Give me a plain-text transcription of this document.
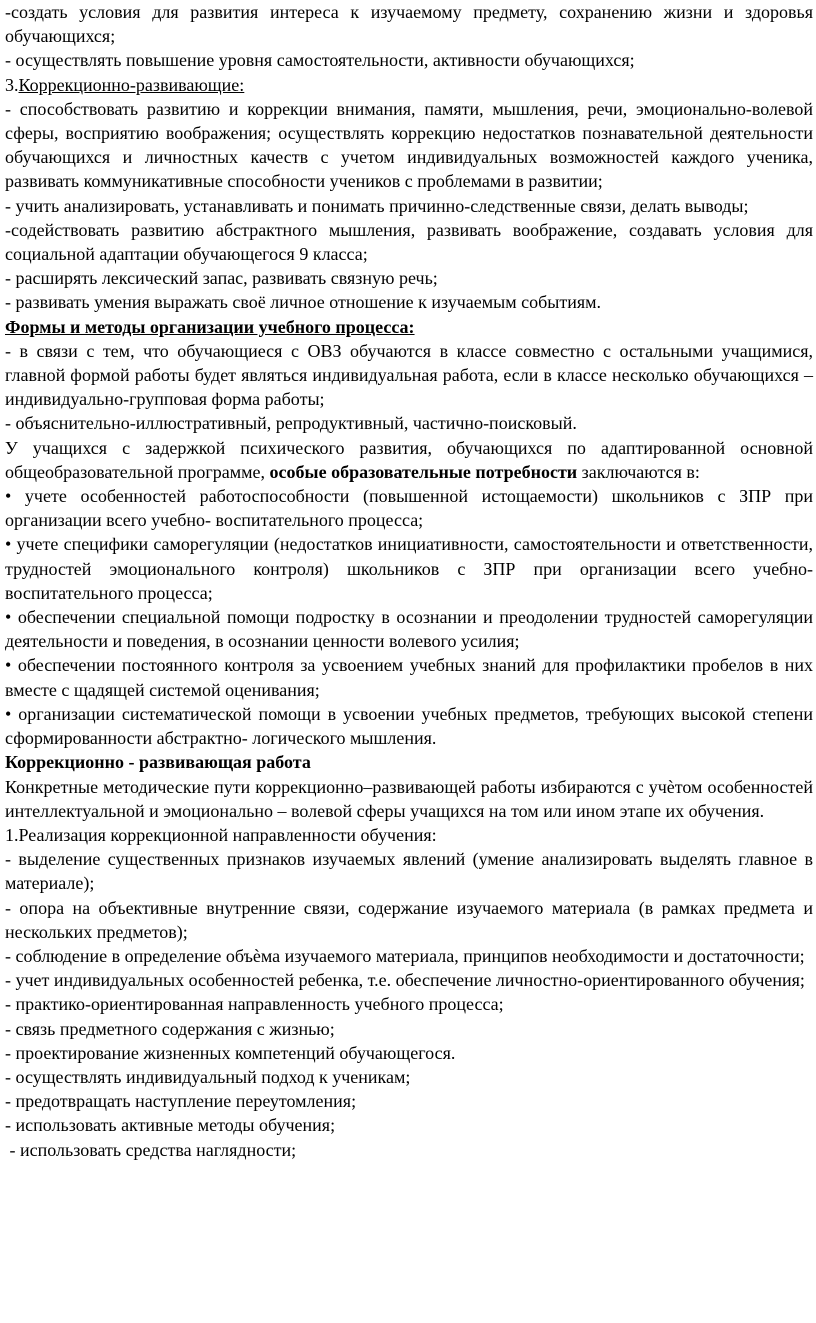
-создать условия для развития интереса к изучаемому предмету, сохранению жизни и здоровья обучающихся;

- осуществлять повышение уровня самостоятельности, активности обучающихся;

3.Коррекционно-развивающие:

- способствовать развитию и коррекции внимания, памяти, мышления, речи, эмоционально-волевой сферы, восприятию воображения; осуществлять коррекцию недостатков познавательной деятельности обучающихся и личностных качеств с учетом индивидуальных возможностей каждого ученика, развивать коммуникативные способности учеников с проблемами в развитии;

- учить анализировать, устанавливать и понимать причинно-следственные связи, делать выводы;

-содействовать развитию абстрактного мышления, развивать воображение, создавать условия для социальной адаптации обучающегося 9 класса;

- расширять лексический запас, развивать связную речь;

- развивать умения выражать своё личное отношение к изучаемым событиям.

Формы и методы организации учебного процесса:

- в связи с тем, что обучающиеся с ОВЗ обучаются в классе совместно с остальными учащимися, главной формой работы будет являться индивидуальная работа, если в классе несколько обучающихся – индивидуально-групповая форма работы;

- объяснительно-иллюстративный, репродуктивный, частично-поисковый.

У учащихся с задержкой психического развития, обучающихся по адаптированной основной общеобразовательной программе, особые образовательные потребности заключаются в:

• учете особенностей работоспособности (повышенной истощаемости) школьников с ЗПР при организации всего учебно- воспитательного процесса;

• учете специфики саморегуляции (недостатков инициативности, самостоятельности и ответственности, трудностей эмоционального контроля) школьников с ЗПР при организации всего учебно-воспитательного процесса;

• обеспечении специальной помощи подростку в осознании и преодолении трудностей саморегуляции деятельности и поведения, в осознании ценности волевого усилия;

• обеспечении постоянного контроля за усвоением учебных знаний для профилактики пробелов в них вместе с щадящей системой оценивания;

• организации систематической помощи в усвоении учебных предметов, требующих высокой степени сформированности абстрактно- логического мышления.

Коррекционно - развивающая работа

Конкретные методические пути коррекционно–развивающей работы избираются с учѐтом особенностей интеллектуальной и эмоционально – волевой сферы учащихся на том или ином этапе их обучения.

1.Реализация коррекционной направленности обучения:

- выделение существенных признаков изучаемых явлений (умение анализировать выделять главное в материале);

- опора на объективные внутренние связи, содержание изучаемого материала (в рамках предмета и нескольких предметов);

- соблюдение в определение объѐма изучаемого материала, принципов необходимости и достаточности;

- учет индивидуальных особенностей ребенка, т.е. обеспечение личностно-ориентированного обучения;

- практико-ориентированная направленность учебного процесса;

- связь предметного содержания с жизнью;

- проектирование жизненных компетенций обучающегося.

- осуществлять индивидуальный подход к ученикам;

- предотвращать наступление переутомления;

- использовать активные методы обучения;

- использовать средства наглядности;
